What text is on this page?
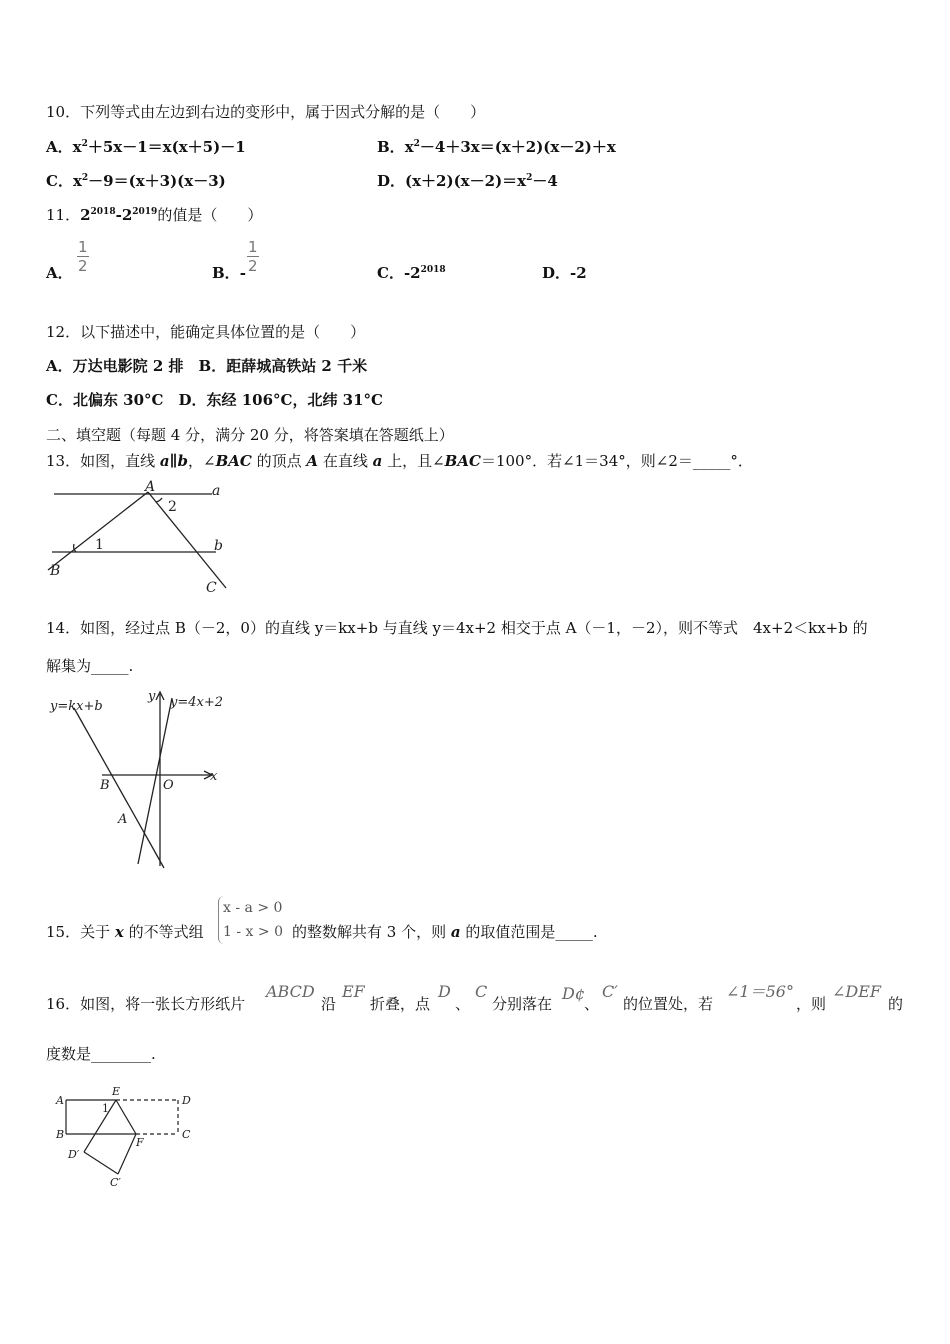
10．下列等式由左边到右边的变形中，属于因式分解的是（　　）
A．$x^2+5x-1=x(x+5)-1$	B．$x^2-4+3x=(x+2)(x-2)+x$
C．$x^2-9=(x+3)(x-3)$	D．$(x+2)(x-2)=x^2-4$
11．$2^{2018}-2^{2019}$的值是（　　）
A． $\frac{1}{2}$	B．- $\frac{1}{2}$	C．$-2^{2018}$	D．-2
12．以下描述中，能确定具体位置的是（　　）
A．万达电影院 2 排　B．距薛城高铁站 2 千米
C．北偏东 30°C　D．东经 106°C，北纬 31°C
二、填空题（每题 4 分，满分 20 分，将答案填在答题纸上）
13．如图，直线 a∥b，∠BAC 的顶点 A 在直线 a 上，且∠BAC＝100°．若∠1＝34°，则∠2＝_____°．
A	a
b
B
C
1
2
14．如图，经过点 B（－2，0）的直线 y＝kx+b 与直线 y＝4x+2 相交于点 A（－1，－2），则不等式　4x+2＜kx+b 的
解集为_____.
y=kx+b	y=4x+2
y
x
O
B
A
15．关于 x 的不等式组
x - a > 0
1 - x > 0 的整数解共有 3 个，则 a 的取值范围是_____.
16．如图，将一张长方形纸片
ABCD
沿
EF
折叠，点
D
、
C
分别落在
D¢
、
C′
的位置处，若
∠1＝56°
，则
∠DEF
的
度数是________.
A
B	C
D
E
F
D′
C′
1
